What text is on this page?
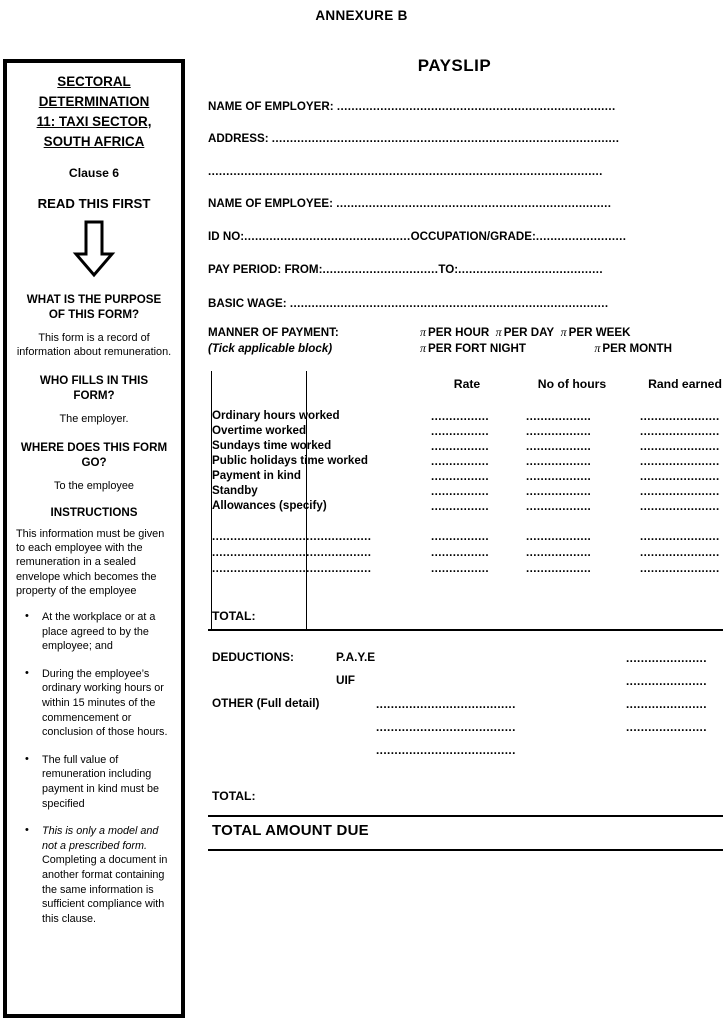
ANNEXURE B
SECTORAL
DETERMINATION
11: TAXI SECTOR,
SOUTH AFRICA
Clause 6
READ THIS FIRST
WHAT IS THE PURPOSE
OF THIS FORM?
This form is a record of information about remuneration.
WHO FILLS IN THIS
FORM?
The employer.
WHERE DOES THIS FORM
GO?
To the employee
INSTRUCTIONS
This information must be given to each employee with the remuneration in a sealed envelope which becomes the property of the employee
• At the workplace or at a place agreed to by the employee; and
• During the employee’s ordinary working hours or within 15 minutes of the commencement or conclusion of those hours.
• The full value of remuneration including payment in kind must be specified
• This is only a model and not a prescribed form. Completing a document in another format containing the same information is sufficient compliance with this clause.
PAYSLIP
NAME OF EMPLOYER: .............................................................................
ADDRESS: ................................................................................................
.............................................................................................................
NAME OF EMPLOYEE: ............................................................................
ID NO:..............................................OCCUPATION/GRADE:.........................
PAY PERIOD: FROM:................................TO:........................................
BASIC WAGE: ........................................................................................
MANNER OF PAYMENT:
(Tick applicable block)
π PER HOUR π PER DAY π PER WEEK
π PER FORT NIGHT	π PER MONTH
Rate	No of hours	Rand earned
Ordinary hours worked	................	..................	......................
Overtime worked	................	..................	......................
Sundays time worked	................	..................	......................
Public holidays time worked	................	..................	......................
Payment in kind	................	..................	......................
Standby	................	..................	......................
Allowances (specify)	................	..................	......................
............................................	................	..................	......................
............................................	................	..................	......................
............................................	................	..................	......................
TOTAL:
DEDUCTIONS:	P.A.Y.E	......................
UIF	......................
OTHER (Full detail)	......................................	......................
......................................	......................
......................................
TOTAL:
TOTAL AMOUNT DUE
